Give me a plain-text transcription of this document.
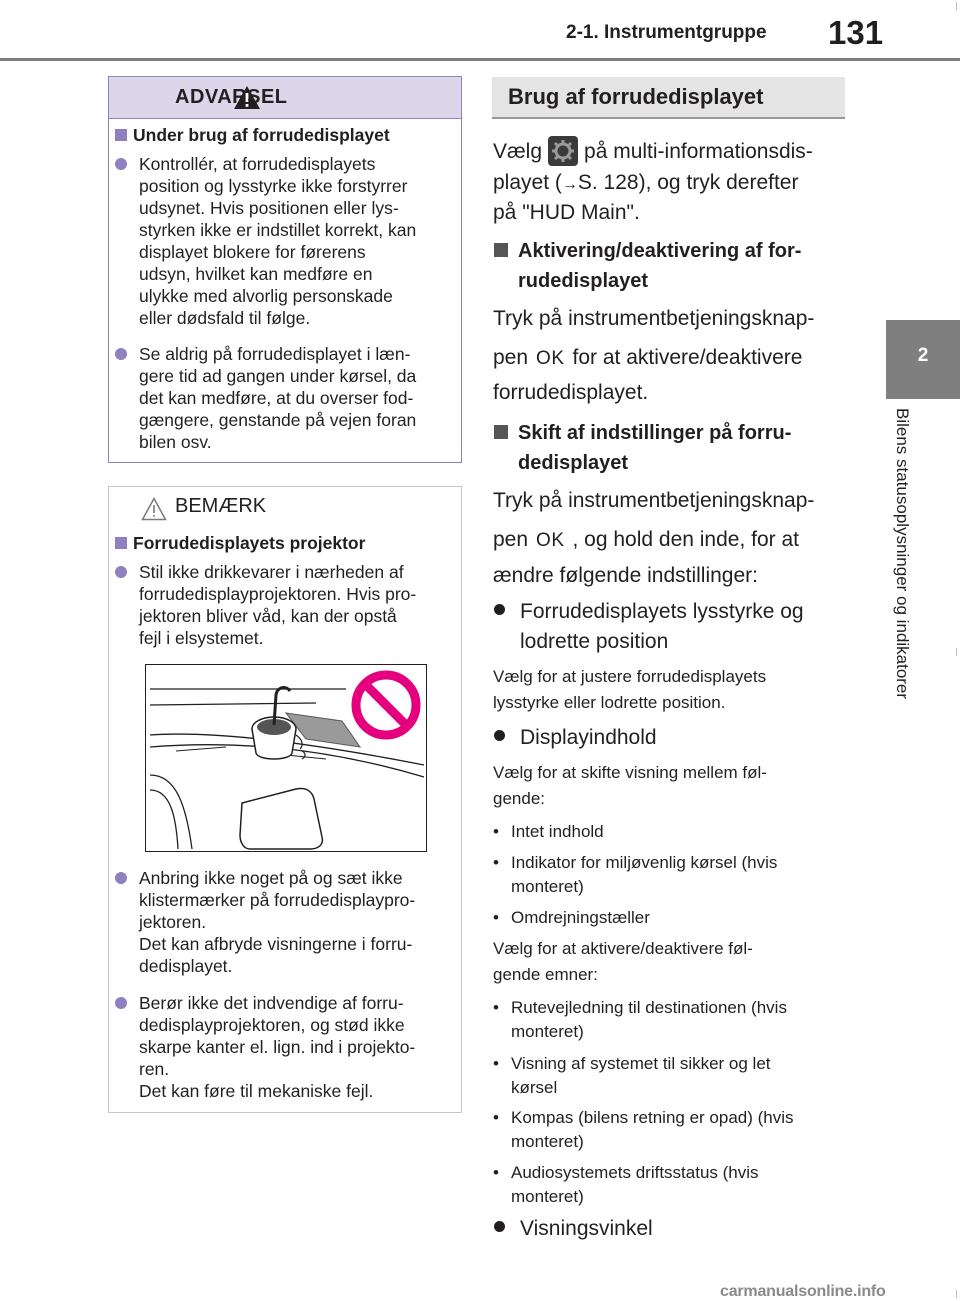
2-1. Instrumentgruppe 131
2
Bilens statusoplysninger og indikatorer
ADVARSEL
Under brug af forrudedisplayet
Kontrollér, at forrudedisplayets
position og lysstyrke ikke forstyrrer
udsynet. Hvis positionen eller lys-
styrken ikke er indstillet korrekt, kan
displayet blokere for førerens
udsyn, hvilket kan medføre en
ulykke med alvorlig personskade
eller dødsfald til følge.
Se aldrig på forrudedisplayet i læn-
gere tid ad gangen under kørsel, da
det kan medføre, at du overser fod-
gængere, genstande på vejen foran
bilen osv.
BEMÆRK
Forrudedisplayets projektor
Stil ikke drikkevarer i nærheden af
forrudedisplayprojektoren. Hvis pro-
jektoren bliver våd, kan der opstå
fejl i elsystemet.
Anbring ikke noget på og sæt ikke
klistermærker på forrudedisplaypro-
jektoren.
Det kan afbryde visningerne i forru-
dedisplayet.
Berør ikke det indvendige af forru-
dedisplayprojektoren, og stød ikke
skarpe kanter el. lign. ind i projekto-
ren.
Det kan føre til mekaniske fejl.
Brug af forrudedisplayet
Vælg på multi-informationsdis-
playet (→S. 128), og tryk derefter
på "HUD Main".
Aktivering/deaktivering af for-
rudedisplayet
Tryk på instrumentbetjeningsknap-
pen OK for at aktivere/deaktivere
forrudedisplayet.
Skift af indstillinger på forru-
dedisplayet
Tryk på instrumentbetjeningsknap-
pen OK , og hold den inde, for at
ændre følgende indstillinger:
Forrudedisplayets lysstyrke og
lodrette position
Vælg for at justere forrudedisplayets
lysstyrke eller lodrette position.
Displayindhold
Vælg for at skifte visning mellem føl-
gende:
• Intet indhold
• Indikator for miljøvenlig kørsel (hvis
monteret)
• Omdrejningstæller
Vælg for at aktivere/deaktivere føl-
gende emner:
• Rutevejledning til destinationen (hvis
monteret)
• Visning af systemet til sikker og let
kørsel
• Kompas (bilens retning er opad) (hvis
monteret)
• Audiosystemets driftsstatus (hvis
monteret)
Visningsvinkel
carmanualsonline.info
